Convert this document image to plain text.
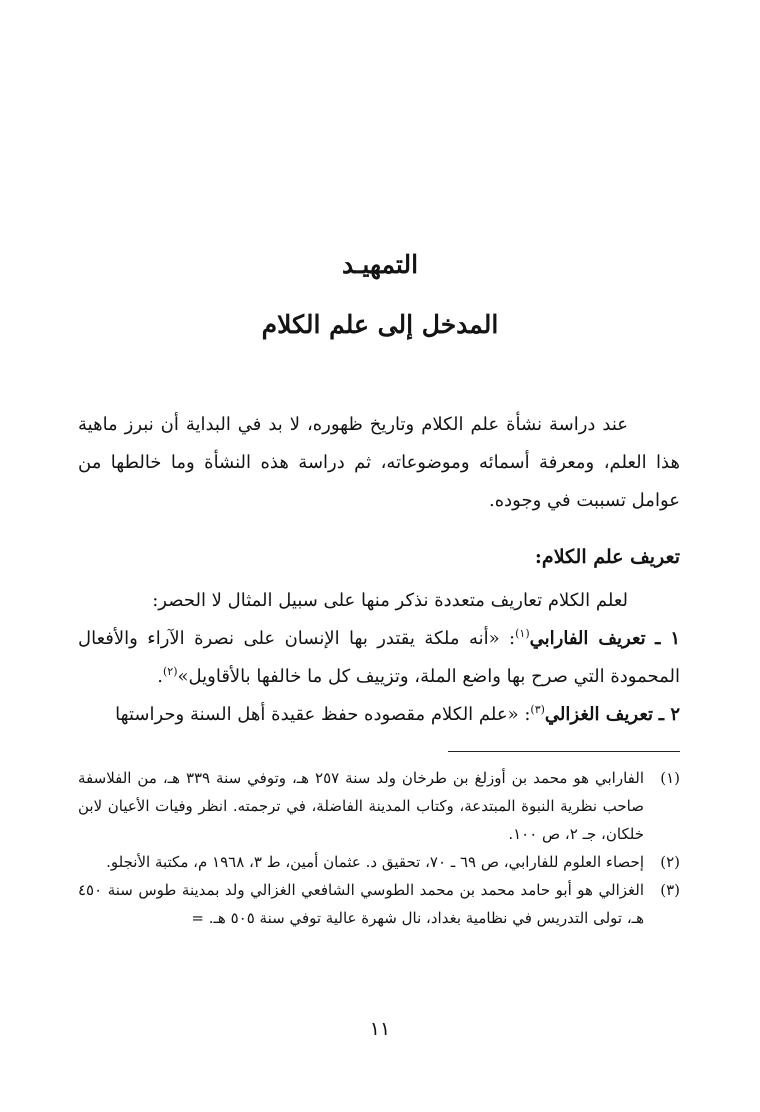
التمهيـد
المدخل إلى علم الكلام

عند دراسة نشأة علم الكلام وتاريخ ظهوره، لا بد في البداية أن نبرز ماهية هذا العلم، ومعرفة أسمائه وموضوعاته، ثم دراسة هذه النشأة وما خالطها من عوامل تسببت في وجوده.

تعريف علم الكلام:

لعلم الكلام تعاريف متعددة نذكر منها على سبيل المثال لا الحصر:

١ ـ تعريف الفارابي$^{(١)}$: «أنه ملكة يقتدر بها الإنسان على نصرة الآراء والأفعال المحمودة التي صرح بها واضع الملة، وتزييف كل ما خالفها بالأقاويل»$^{(٢)}$.

٢ ـ تعريف الغزالي$^{(٣)}$: «علم الكلام مقصوده حفظ عقيدة أهل السنة وحراستها

(١)
الفارابي هو محمد بن أوزلغ بن طرخان ولد سنة ٢٥٧ هـ، وتوفي سنة ٣٣٩ هـ، من الفلاسفة صاحب نظرية النبوة المبتدعة، وكتاب المدينة الفاضلة، في ترجمته. انظر وفيات الأعيان لابن خلكان، جـ ٢، ص ١٠٠.
(٢)
إحصاء العلوم للفارابي، ص ٦٩ ـ ٧٠، تحقيق د. عثمان أمين، ط ٣، ١٩٦٨ م، مكتبة الأنجلو.
(٣)
الغزالي هو أبو حامد محمد بن محمد الطوسي الشافعي الغزالي ولد بمدينة طوس سنة ٤٥٠ هـ، تولى التدريس في نظامية بغداد، نال شهرة عالية توفي سنة ٥٠٥ هـ. =
١١
